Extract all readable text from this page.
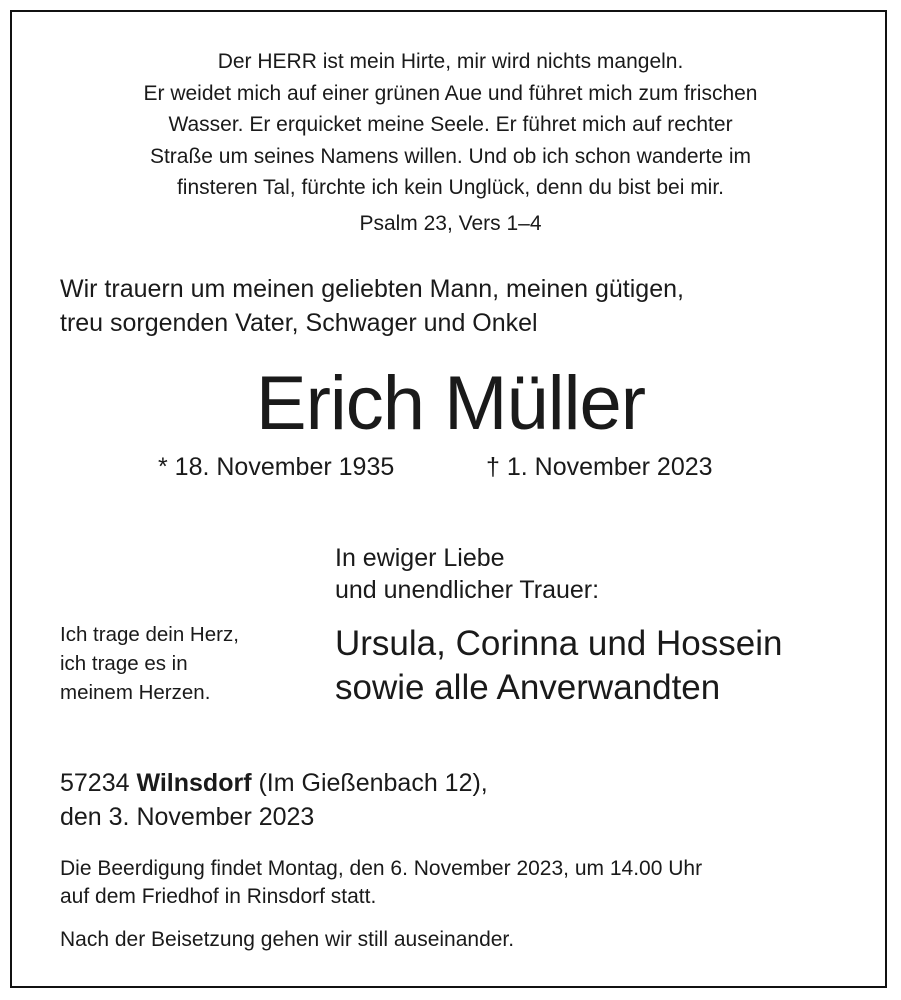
Der HERR ist mein Hirte, mir wird nichts mangeln.
Er weidet mich auf einer grünen Aue und führet mich zum frischen
Wasser. Er erquicket meine Seele. Er führet mich auf rechter
Straße um seines Namens willen. Und ob ich schon wanderte im
finsteren Tal, fürchte ich kein Unglück, denn du bist bei mir.
Psalm 23, Vers 1–4
Wir trauern um meinen geliebten Mann, meinen gütigen,
treu sorgenden Vater, Schwager und Onkel
Erich Müller
* 18. November 1935	† 1. November 2023
In ewiger Liebe
und unendlicher Trauer:
Ich trage dein Herz,
ich trage es in
meinem Herzen.
Ursula, Corinna und Hossein
sowie alle Anverwandten
57234 Wilnsdorf (Im Gießenbach 12),
den 3. November 2023
Die Beerdigung findet Montag, den 6. November 2023, um 14.00 Uhr
auf dem Friedhof in Rinsdorf statt.
Nach der Beisetzung gehen wir still auseinander.
